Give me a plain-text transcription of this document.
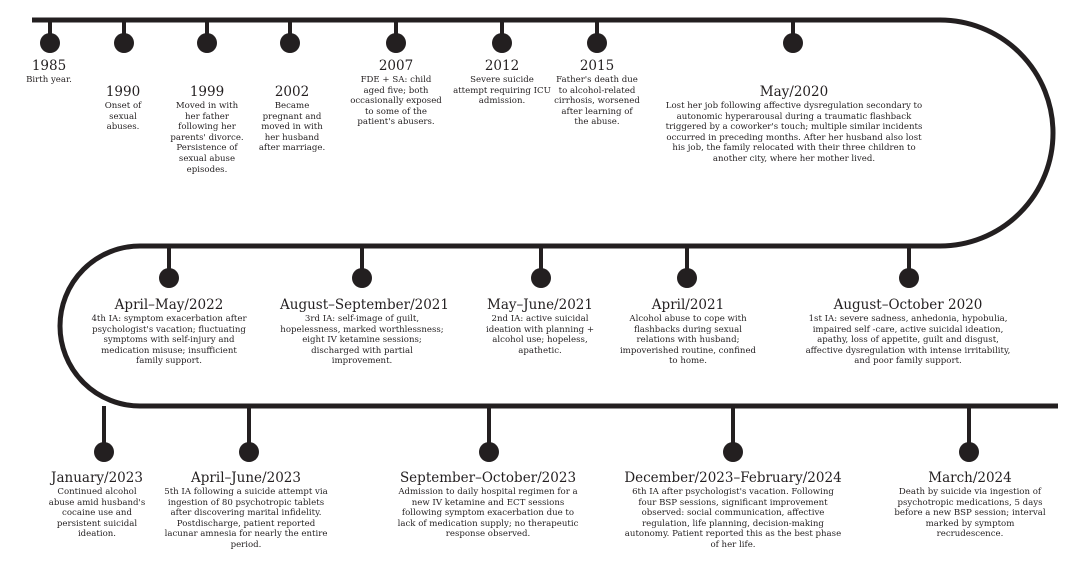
1985
Birth year.
1990
Onset of sexual abuses.
1999
Moved in with her father following her parents' divorce. Persistence of sexual abuse episodes.
2002
Became pregnant and moved in with her husband after marriage.
2007
FDE + SA: child aged five; both occasionally exposed to some of the patient's abusers.
2012
Severe suicide attempt requiring ICU admission.
2015
Father's death due to alcohol-related cirrhosis, worsened after learning of the abuse.
May/2020
Lost her job following affective dysregulation secondary to autonomic hyperarousal during a traumatic flashback triggered by a coworker's touch; multiple similar incidents occurred in preceding months. After her husband also lost his job, the family relocated with their three children to another city, where her mother lived.
April–May/2022
4th IA: symptom exacerbation after psychologist's vacation; fluctuating symptoms with self-injury and medication misuse; insufficient family support.
August–September/2021
3rd IA: self-image of guilt, hopelessness, marked worthlessness; eight IV ketamine sessions; discharged with partial improvement.
May–June/2021
2nd IA: active suicidal ideation with planning + alcohol use; hopeless, apathetic.
April/2021
Alcohol abuse to cope with flashbacks during sexual relations with husband; impoverished routine, confined to home.
August–October 2020
1st IA: severe sadness, anhedonia, hypobulia, impaired self -care, active suicidal ideation, apathy, loss of appetite, guilt and disgust, affective dysregulation with intense irritability, and poor family support.
January/2023
Continued alcohol abuse amid husband's cocaine use and persistent suicidal ideation.
April–June/2023
5th IA following a suicide attempt via ingestion of 80 psychotropic tablets after discovering marital infidelity. Postdischarge, patient reported lacunar amnesia for nearly the entire period.
September–October/2023
Admission to daily hospital regimen for a new IV ketamine and ECT sessions following symptom exacerbation due to lack of medication supply; no therapeutic response observed.
December/2023–February/2024
6th IA after psychologist's vacation. Following four BSP sessions, significant improvement observed: social communication, affective regulation, life planning, decision-making autonomy. Patient reported this as the best phase of her life.
March/2024
Death by suicide via ingestion of psychotropic medications, 5 days before a new BSP session; interval marked by symptom recrudescence.
